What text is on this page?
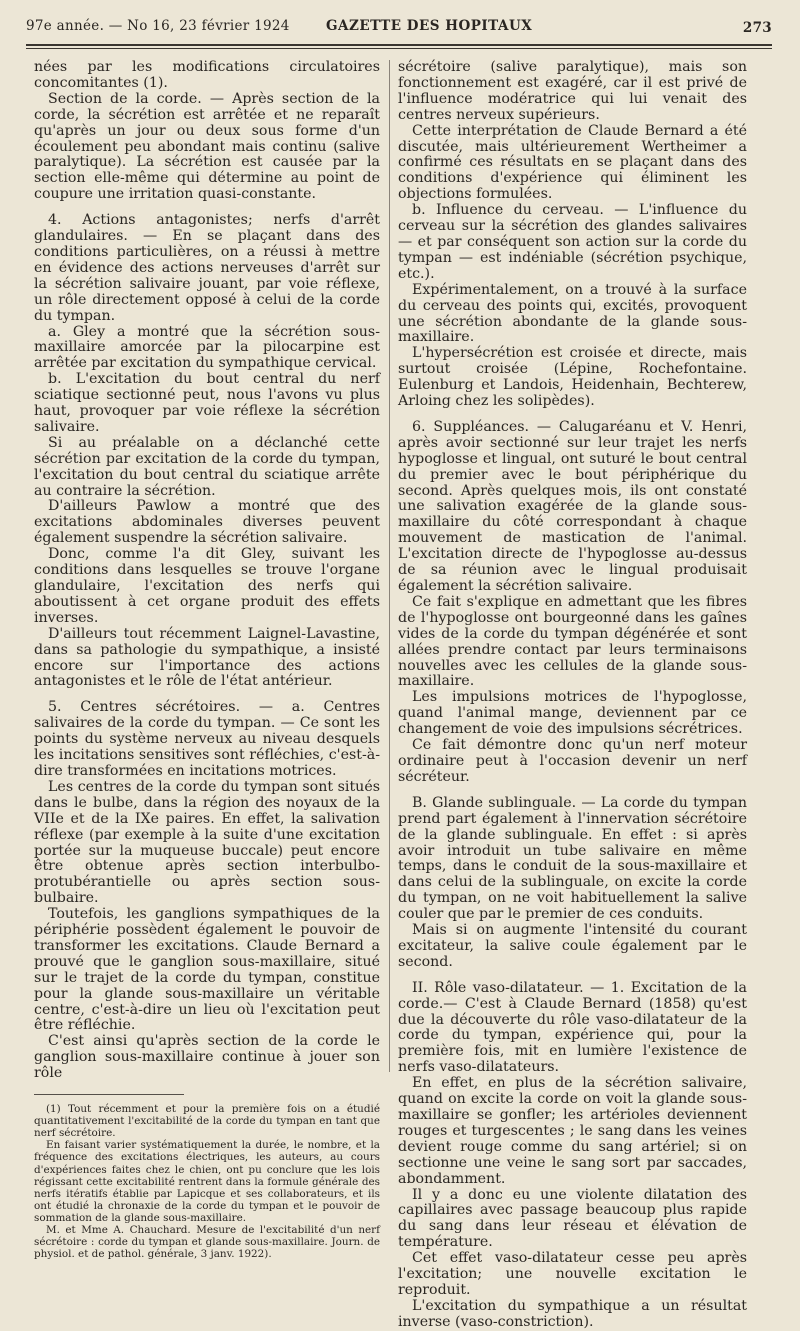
97e année. — No 16, 23 février 1924	GAZETTE DES HOPITAUX	273

nées par les modifications circulatoires concomitantes (1).

Section de la corde. — Après section de la corde, la sécrétion est arrêtée et ne reparaît qu'après un jour ou deux sous forme d'un écoulement peu abondant mais continu (salive paralytique). La sécrétion est causée par la section elle-même qui détermine au point de coupure une irritation quasi-constante.

4. Actions antagonistes; nerfs d'arrêt glandulaires. — En se plaçant dans des conditions particulières, on a réussi à mettre en évidence des actions nerveuses d'arrêt sur la sécrétion salivaire jouant, par voie réflexe, un rôle directement opposé à celui de la corde du tympan.

a. Gley a montré que la sécrétion sous-maxillaire amorcée par la pilocarpine est arrêtée par excitation du sympathique cervical.

b. L'excitation du bout central du nerf sciatique sectionné peut, nous l'avons vu plus haut, provoquer par voie réflexe la sécrétion salivaire.

Si au préalable on a déclanché cette sécrétion par excitation de la corde du tympan, l'excitation du bout central du sciatique arrête au contraire la sécrétion.

D'ailleurs Pawlow a montré que des excitations abdominales diverses peuvent également suspendre la sécrétion salivaire.

Donc, comme l'a dit Gley, suivant les conditions dans lesquelles se trouve l'organe glandulaire, l'excitation des nerfs qui aboutissent à cet organe produit des effets inverses.

D'ailleurs tout récemment Laignel-Lavastine, dans sa pathologie du sympathique, a insisté encore sur l'importance des actions antagonistes et le rôle de l'état antérieur.

5. Centres sécrétoires. — a. Centres salivaires de la corde du tympan. — Ce sont les points du système nerveux au niveau desquels les incitations sensitives sont réfléchies, c'est-à-dire transformées en incitations motrices.

Les centres de la corde du tympan sont situés dans le bulbe, dans la région des noyaux de la VIIe et de la IXe paires. En effet, la salivation réflexe (par exemple à la suite d'une excitation portée sur la muqueuse buccale) peut encore être obtenue après section interbulbo-protubérantielle ou après section sous-bulbaire.

Toutefois, les ganglions sympathiques de la périphérie possèdent également le pouvoir de transformer les excitations. Claude Bernard a prouvé que le ganglion sous-maxillaire, situé sur le trajet de la corde du tympan, constitue pour la glande sous-maxillaire un véritable centre, c'est-à-dire un lieu où l'excitation peut être réfléchie.

C'est ainsi qu'après section de la corde le ganglion sous-maxillaire continue à jouer son rôle

(1) Tout récemment et pour la première fois on a étudié quantitativement l'excitabilité de la corde du tympan en tant que nerf sécrétoire.

En faisant varier systématiquement la durée, le nombre, et la fréquence des excitations électriques, les auteurs, au cours d'expériences faites chez le chien, ont pu conclure que les lois régissant cette excitabilité rentrent dans la formule générale des nerfs itératifs établie par Lapicque et ses collaborateurs, et ils ont étudié la chronaxie de la corde du tympan et le pouvoir de sommation de la glande sous-maxillaire.

M. et Mme A. Chauchard. Mesure de l'excitabilité d'un nerf sécrétoire : corde du tympan et glande sous-maxillaire. Journ. de physiol. et de pathol. générale, 3 janv. 1922).

sécrétoire (salive paralytique), mais son fonctionnement est exagéré, car il est privé de l'influence modératrice qui lui venait des centres nerveux supérieurs.

Cette interprétation de Claude Bernard a été discutée, mais ultérieurement Wertheimer a confirmé ces résultats en se plaçant dans des conditions d'expérience qui éliminent les objections formulées.

b. Influence du cerveau. — L'influence du cerveau sur la sécrétion des glandes salivaires — et par conséquent son action sur la corde du tympan — est indéniable (sécrétion psychique, etc.).

Expérimentalement, on a trouvé à la surface du cerveau des points qui, excités, provoquent une sécrétion abondante de la glande sous-maxillaire.

L'hypersécrétion est croisée et directe, mais surtout croisée (Lépine, Rochefontaine. Eulenburg et Landois, Heidenhain, Bechterew, Arloing chez les solipèdes).

6. Suppléances. — Calugaréanu et V. Henri, après avoir sectionné sur leur trajet les nerfs hypoglosse et lingual, ont suturé le bout central du premier avec le bout périphérique du second. Après quelques mois, ils ont constaté une salivation exagérée de la glande sous-maxillaire du côté correspondant à chaque mouvement de mastication de l'animal. L'excitation directe de l'hypoglosse au-dessus de sa réunion avec le lingual produisait également la sécrétion salivaire.

Ce fait s'explique en admettant que les fibres de l'hypoglosse ont bourgeonné dans les gaînes vides de la corde du tympan dégénérée et sont allées prendre contact par leurs terminaisons nouvelles avec les cellules de la glande sous-maxillaire.

Les impulsions motrices de l'hypoglosse, quand l'animal mange, deviennent par ce changement de voie des impulsions sécrétrices.

Ce fait démontre donc qu'un nerf moteur ordinaire peut à l'occasion devenir un nerf sécréteur.

B. Glande sublinguale. — La corde du tympan prend part également à l'innervation sécrétoire de la glande sublinguale. En effet : si après avoir introduit un tube salivaire en même temps, dans le conduit de la sous-maxillaire et dans celui de la sublinguale, on excite la corde du tympan, on ne voit habituellement la salive couler que par le premier de ces conduits.

Mais si on augmente l'intensité du courant excitateur, la salive coule également par le second.

II. Rôle vaso-dilatateur. — 1. Excitation de la corde.— C'est à Claude Bernard (1858) qu'est due la découverte du rôle vaso-dilatateur de la corde du tympan, expérience qui, pour la première fois, mit en lumière l'existence de nerfs vaso-dilatateurs.

En effet, en plus de la sécrétion salivaire, quand on excite la corde on voit la glande sous-maxillaire se gonfler; les artérioles deviennent rouges et turgescentes ; le sang dans les veines devient rouge comme du sang artériel; si on sectionne une veine le sang sort par saccades, abondamment.

Il y a donc eu une violente dilatation des capillaires avec passage beaucoup plus rapide du sang dans leur réseau et élévation de température.

Cet effet vaso-dilatateur cesse peu après l'excitation; une nouvelle excitation le reproduit.

L'excitation du sympathique a un résultat inverse (vaso-constriction).
